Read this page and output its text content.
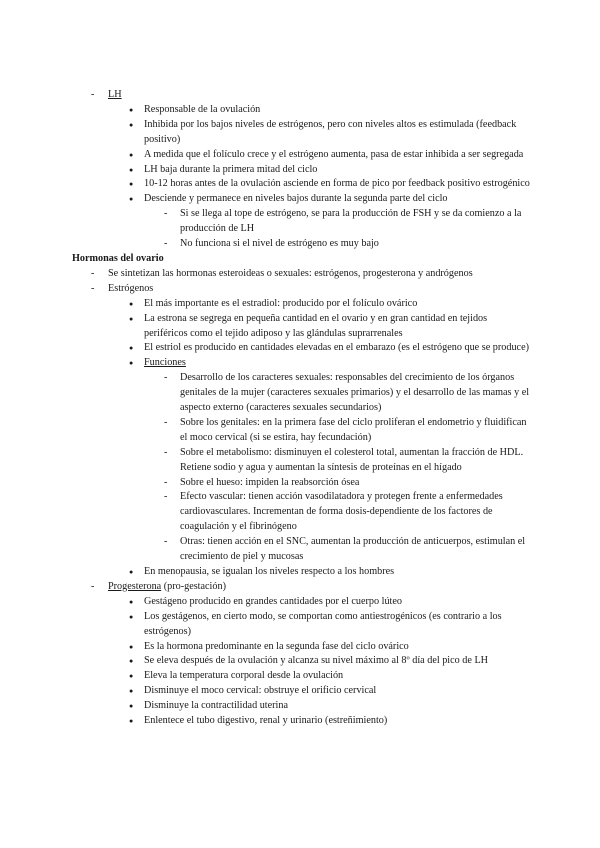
- LH
● Responsable de la ovulación
● Inhibida por los bajos niveles de estrógenos, pero con niveles altos es estimulada (feedback positivo)
● A medida que el folículo crece y el estrógeno aumenta, pasa de estar inhibida a ser segregada
● LH baja durante la primera mitad del ciclo
● 10-12 horas antes de la ovulación asciende en forma de pico por feedback positivo estrogénico
● Desciende y permanece en niveles bajos durante la segunda parte del ciclo
- Si se llega al tope de estrógeno, se para la producción de FSH y se da comienzo a la producción de LH
- No funciona si el nivel de estrógeno es muy bajo

Hormonas del ovario

- Se sintetizan las hormonas esteroideas o sexuales: estrógenos, progesterona y andrógenos
- Estrógenos
● El más importante es el estradiol: producido por el folículo ovárico
● La estrona se segrega en pequeña cantidad en el ovario y en gran cantidad en tejidos periféricos como el tejido adiposo y las glándulas suprarrenales
● El estriol es producido en cantidades elevadas en el embarazo (es el estrógeno que se produce)
● Funciones
- Desarrollo de los caracteres sexuales: responsables del crecimiento de los órganos genitales de la mujer (caracteres sexuales primarios) y el desarrollo de las mamas y el aspecto externo (caracteres sexuales secundarios)
- Sobre los genitales: en la primera fase del ciclo proliferan el endometrio y fluidifican el moco cervical (si se estira, hay fecundación)
- Sobre el metabolismo: disminuyen el colesterol total, aumentan la fracción de HDL. Retiene sodio y agua y aumentan la síntesis de proteínas en el hígado
- Sobre el hueso: impiden la reabsorción ósea
- Efecto vascular: tienen acción vasodilatadora y protegen frente a enfermedades cardiovasculares. Incrementan de forma dosis-dependiente de los factores de coagulación y el fibrinógeno
- Otras: tienen acción en el SNC, aumentan la producción de anticuerpos, estimulan el crecimiento de piel y mucosas
● En menopausia, se igualan los niveles respecto a los hombres
- Progesterona (pro-gestación)
● Gestágeno producido en grandes cantidades por el cuerpo lúteo
● Los gestágenos, en cierto modo, se comportan como antiestrogénicos (es contrario a los estrógenos)
● Es la hormona predominante en la segunda fase del ciclo ovárico
● Se eleva después de la ovulación y alcanza su nivel máximo al 8º día del pico de LH
● Eleva la temperatura corporal desde la ovulación
● Disminuye el moco cervical: obstruye el orificio cervical
● Disminuye la contractilidad uterina
● Enlentece el tubo digestivo, renal y urinario (estreñimiento)
